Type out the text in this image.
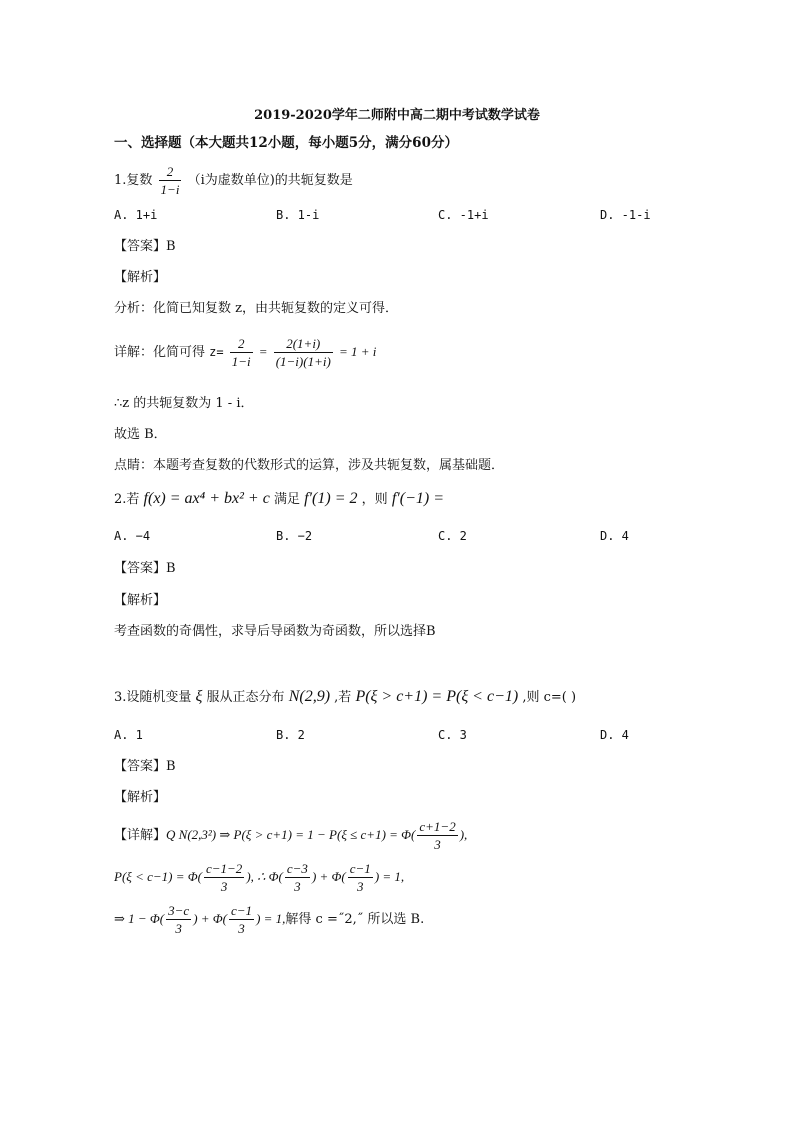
2019-2020学年二师附中高二期中考试数学试卷
一、选择题（本大题共12小题，每小题5分，满分60分）
1.复数 $\frac{2}{1-i} (i$为虚数单位)的共轭复数是
A. 1+i	B. 1-i	C. -1+i	D. -1-i
【答案】B
【解析】
分析：化简已知复数 z，由共轭复数的定义可得．
详解：化简可得 $z= \frac{2}{1-i} = \frac{2(1+i)}{(1-i)(1+i)} = 1 + i$
∴z 的共轭复数为 1 - i．
故选 B．
点睛：本题考查复数的代数形式的运算，涉及共轭复数，属基础题．
2.若 f(x) = ax⁴ + bx² + c 满足 f′(1) = 2 ，则 f′(−1) =
A. −4	B. −2	C. 2	D. 4
【答案】B
【解析】
考查函数的奇偶性，求导后导函数为奇函数，所以选择B
3.设随机变量 ξ 服从正态分布 N(2,9) ,若 P(ξ > c+1) = P(ξ < c−1) ,则 c=( )
A. 1	B. 2	C. 3	D. 4
【答案】B
【解析】
【详解】Q N(2,3²) ⇒ $P(\xi > c+1) = 1 - P(\xi \le c+1) = \Phi( \frac{c+1-2}{3}$ ),
$P(\xi < c-1) = \Phi( \frac{c-1-2}{3}$ ), ∴ $\Phi( \frac{c-3}{3}$ ) + $\Phi( \frac{c-1}{3}$ ) = 1,
⇒ $1 - \Phi( \frac{3-c}{3}$ ) + $\Phi( \frac{c-1}{3}$ ) = 1,解得 c =˝2,˝ 所以选 B.
